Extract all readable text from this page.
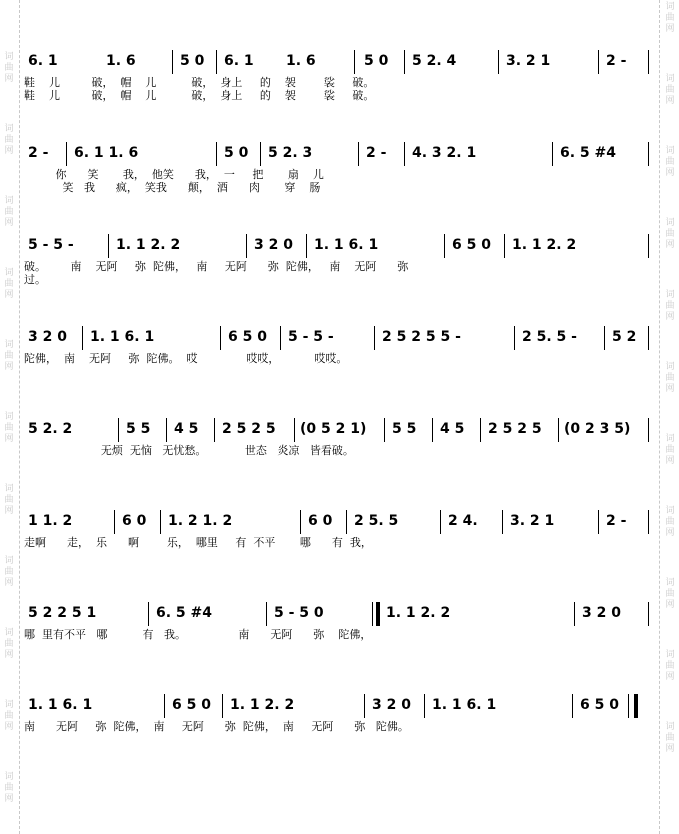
词
曲
网
词
曲
网
词
曲
网
词
曲
网
词
曲
网
词
曲
网
词
曲
网
词
曲
网
词
曲
网
词
曲
网
词
曲
网
词
曲
网
词
曲
网
词
曲
网
词
曲
网
词
曲
网
词
曲
网
词
曲
网
词
曲
网
词
曲
网
词
曲
网
词
曲
网
6. 1	1. 6	5 0 6. 1 1. 6	5 0 5 2. 4	3. 2 1	2 -
鞋    儿         破，  帽    儿          破，  身上     的    袈        裟     破。
鞋    儿         破，  帽    儿          破，  身上     的    袈        裟     破。
2 - 6. 1 1. 6	5 0 5 2. 3	2 - 4. 3 2. 1	6. 5 #4
你      笑       我，  他笑      我，  一     把       扇    儿
笑   我      疯，  笑我      颠，  酒      肉       穿    肠
5 - 5 -	1. 1 2. 2	3 2 0 1. 1 6. 1	6 5 0 1. 1 2. 2
破。       南    无阿     弥  陀佛，   南     无阿      弥  陀佛，   南    无阿      弥
过。
3 2 0 1. 1 6. 1	6 5 0 5 - 5 -	2 5 2 5 5 -	2 5. 5 -	5 2
陀佛，  南    无阿     弥  陀佛。  哎              哎哎，          哎哎。
5 2. 2	5 5 4 5 2 5 2 5 (0 5 2 1) 5 5 4 5 2 5 2 5 (0 2 3 5)
无烦  无恼   无忧愁。           世态   炎凉   皆看破。
1 1. 2	6 0 1. 2 1. 2	6 0 2 5. 5	2 4. 3. 2 1	2 -
走啊      走，  乐      啊        乐，  哪里     有  不平       哪      有  我，
5 2 2 5 1	6. 5 #4	5 - 5 0	1. 1 2. 2	3 2 0
哪  里有不平   哪          有   我。               南      无阿      弥    陀佛，
1. 1 6. 1	6 5 0 1. 1 2. 2	3 2 0 1. 1 6. 1	6 5 0
南      无阿     弥  陀佛，  南     无阿      弥  陀佛，  南     无阿      弥   陀佛。
